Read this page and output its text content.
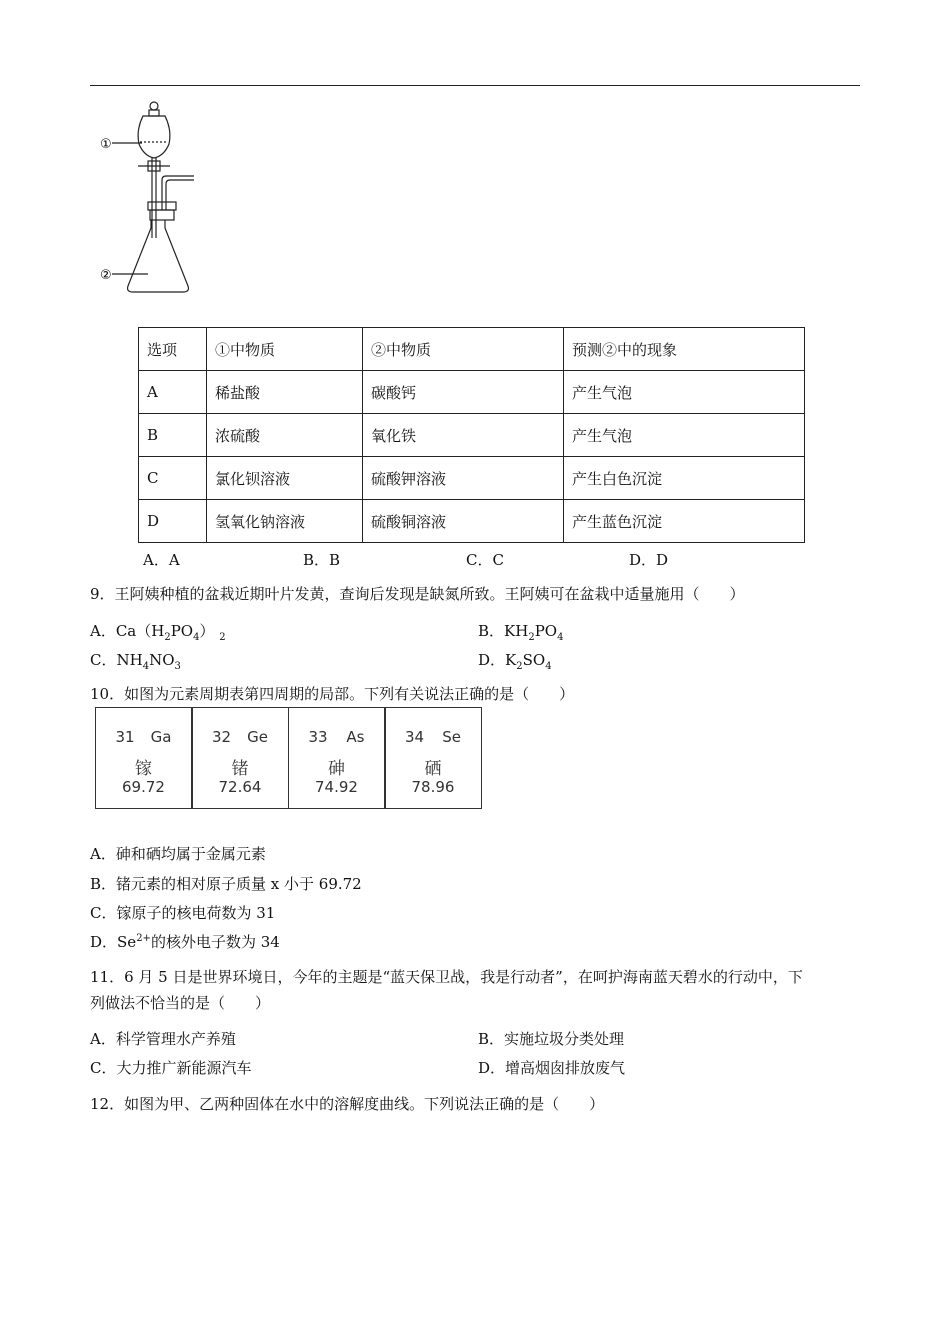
①
②
选项	①中物质	②中物质	预测②中的现象
A	稀盐酸	碳酸钙	产生气泡
B	浓硫酸	氧化铁	产生气泡
C	氯化钡溶液	硫酸钾溶液	产生白色沉淀
D	氢氧化钠溶液	硫酸铜溶液	产生蓝色沉淀
A．A	B．B	C．C	D．D
9．王阿姨种植的盆栽近期叶片发黄，查询后发现是缺氮所致。王阿姨可在盆栽中适量施用（　　）
A．$Ca(H_2PO_4)$ $_2$	B．$KH_2PO_4$
C．$NH_4NO_3$	D．$K_2SO_4$
10．如图为元素周期表第四周期的局部。下列有关说法正确的是（　　）
31 Ga
镓
69.72
32 Ge
锗
72.64
33 As
砷
74.92
34 Se
硒
78.96
A．砷和硒均属于金属元素
B．锗元素的相对原子质量 x 小于 69.72
C．镓原子的核电荷数为 31
D．$Se^{2+}$的核外电子数为 34
11．6 月 5 日是世界环境日，今年的主题是“蓝天保卫战，我是行动者”，在呵护海南蓝天碧水的行动中，下
列做法不恰当的是（　　）
A．科学管理水产养殖	B．实施垃圾分类处理
C．大力推广新能源汽车	D．增高烟囱排放废气
12．如图为甲、乙两种固体在水中的溶解度曲线。下列说法正确的是（　　）
